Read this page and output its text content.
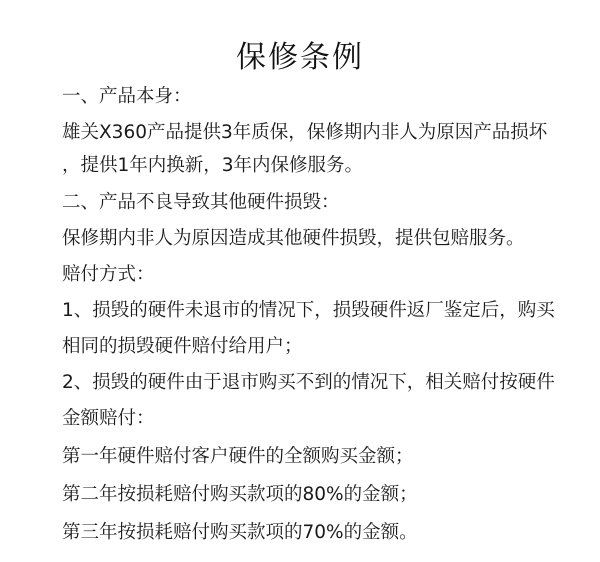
保修条例
一、产品本身：
雄关X360产品提供3年质保，保修期内非人为原因产品损坏
，提供1年内换新，3年内保修服务。
二、产品不良导致其他硬件损毁：
保修期内非人为原因造成其他硬件损毁，提供包赔服务。
赔付方式：
1、损毁的硬件未退市的情况下，损毁硬件返厂鉴定后，购买
相同的损毁硬件赔付给用户；
2、损毁的硬件由于退市购买不到的情况下，相关赔付按硬件
金额赔付：
第一年硬件赔付客户硬件的全额购买金额；
第二年按损耗赔付购买款项的80%的金额；
第三年按损耗赔付购买款项的70%的金额。
